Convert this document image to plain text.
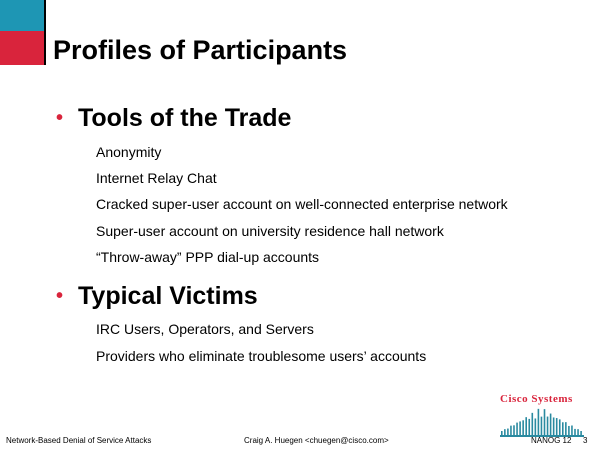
Profiles of Participants
• Tools of the Trade
Anonymity
Internet Relay Chat
Cracked super-user account on well-connected enterprise network
Super-user account on university residence hall network
“Throw-away” PPP dial-up accounts
• Typical Victims
IRC Users, Operators, and Servers
Providers who eliminate troublesome users’ accounts
Cisco Systems
Network-Based Denial of Service Attacks	Craig A. Huegen <chuegen@cisco.com>	NANOG 12 3
